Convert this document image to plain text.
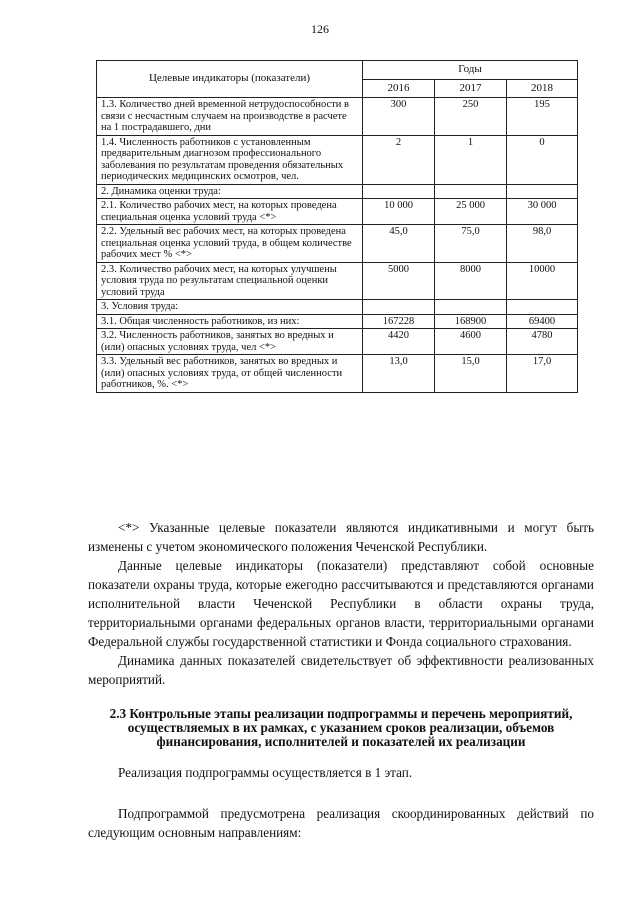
126
Целевые индикаторы (показатели)	Годы		
	2016	2017	2018
1.3. Количество дней временной нетрудоспособности в связи с несчастным случаем на производстве в расчете на 1 пострадавшего, дни	300	250	195
1.4. Численность работников с установленным предварительным диагнозом профессионального заболевания по результатам проведения обязательных периодических медицинских осмотров, чел.	2	1	0
2. Динамика оценки труда:			
2.1. Количество рабочих мест, на которых проведена специальная оценка условий труда <*>	10 000	25 000	30 000
2.2. Удельный вес рабочих мест, на которых проведена специальная оценка условий труда, в общем количестве рабочих мест % <*>	45,0	75,0	98,0
2.3. Количество рабочих мест, на которых улучшены условия труда по результатам специальной оценки условий труда	5000	8000	10000
3. Условия труда:			
3.1. Общая численность работников, из них:	167228	168900	69400
3.2. Численность работников, занятых во вредных и (или) опасных условиях труда, чел <*>	4420	4600	4780
3.3. Удельный вес работников, занятых во вредных и (или) опасных условиях труда, от общей численности работников, %. <*>	13,0	15,0	17,0

<*> Указанные целевые показатели являются индикативными и могут быть изменены с учетом экономического положения Чеченской Республики.

Данные целевые индикаторы (показатели) представляют собой основные показатели охраны труда, которые ежегодно рассчитываются и представляются органами исполнительной власти Чеченской Республики в области охраны труда, территориальными органами федеральных органов власти, территориальными органами Федеральной службы государственной статистики и Фонда социального страхования.

Динамика данных показателей свидетельствует об эффективности реализованных мероприятий.

2.3 Контрольные этапы реализации подпрограммы и перечень мероприятий, осуществляемых в их рамках, с указанием сроков реализации, объемов финансирования, исполнителей и показателей их реализации

Реализация подпрограммы осуществляется в 1 этап.

Подпрограммой предусмотрена реализация скоординированных действий по следующим основным направлениям:
